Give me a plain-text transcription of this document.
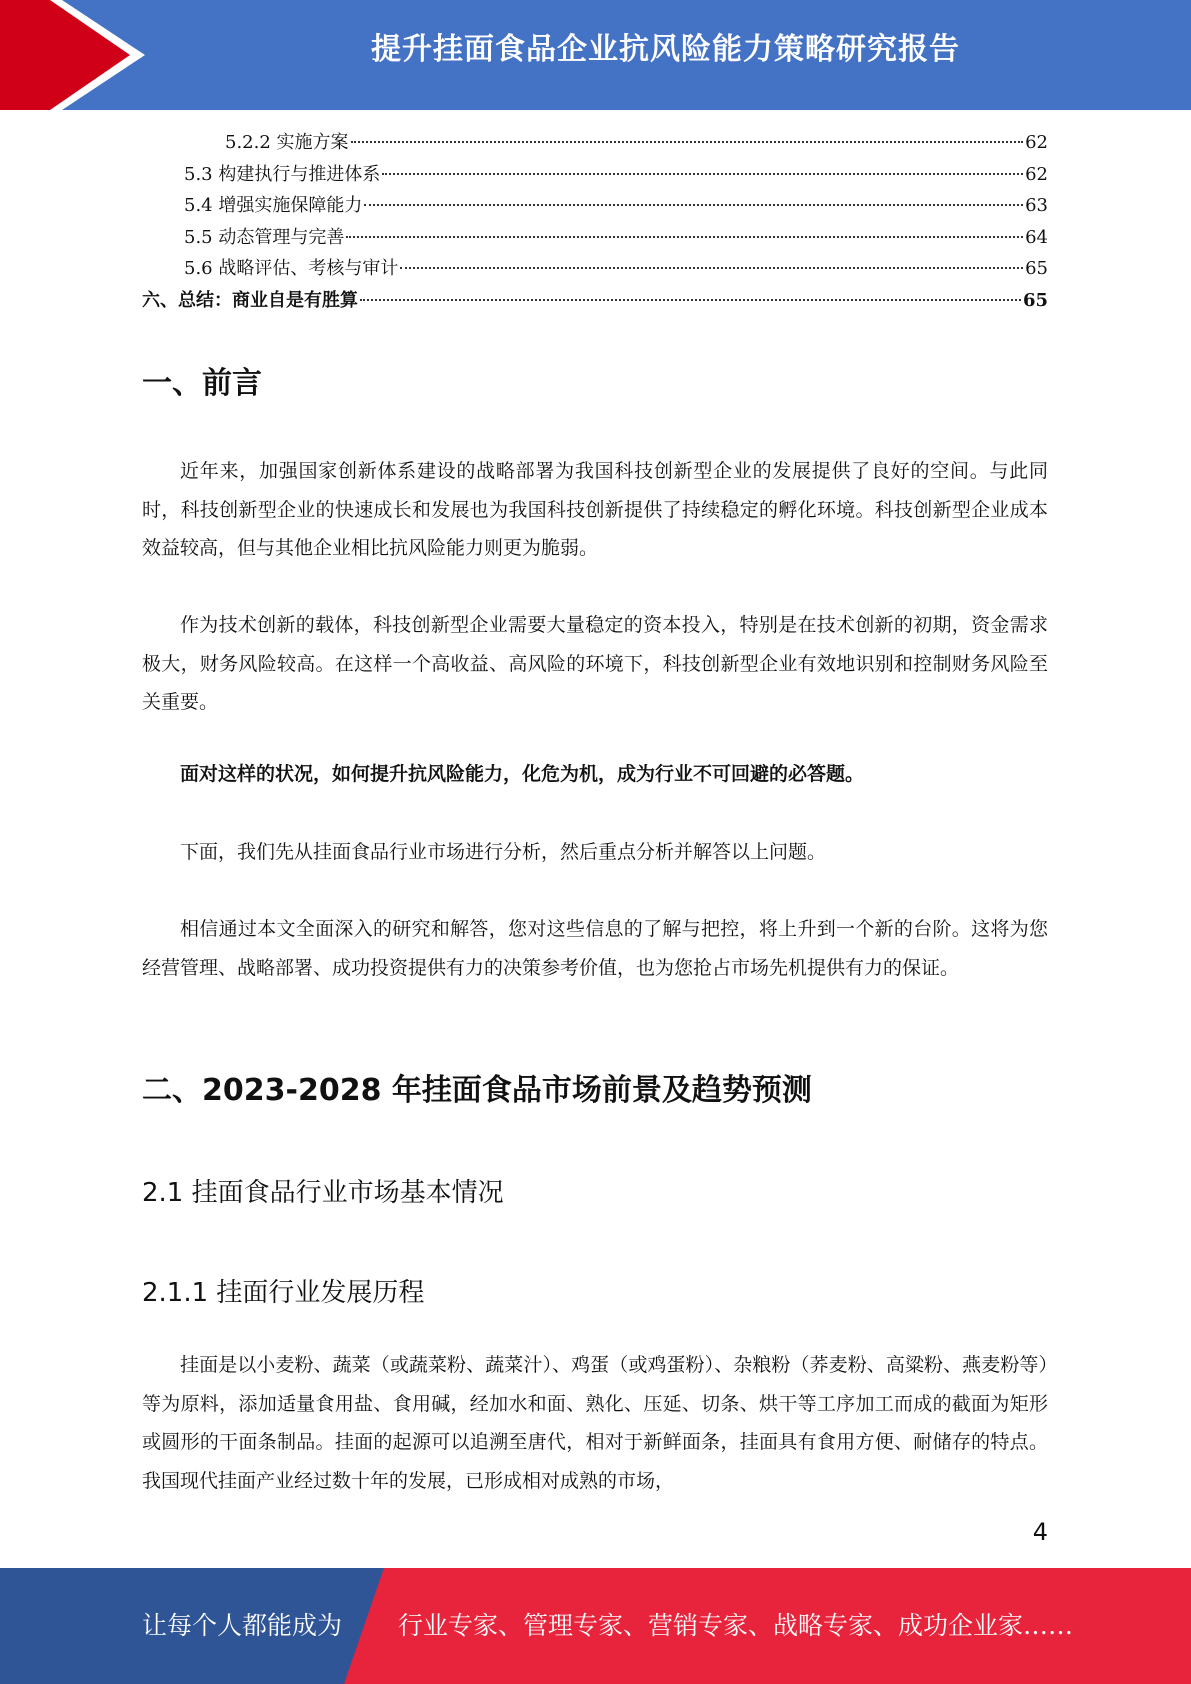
提升挂面食品企业抗风险能力策略研究报告
5.2.2 实施方案	62
5.3 构建执行与推进体系	62
5.4 增强实施保障能力	63
5.5 动态管理与完善	64
5.6 战略评估、考核与审计	65
六、总结：商业自是有胜算	65
一、前言

近年来，加强国家创新体系建设的战略部署为我国科技创新型企业的发展提供了良好的空间。与此同时，科技创新型企业的快速成长和发展也为我国科技创新提供了持续稳定的孵化环境。科技创新型企业成本效益较高，但与其他企业相比抗风险能力则更为脆弱。

作为技术创新的载体，科技创新型企业需要大量稳定的资本投入，特别是在技术创新的初期，资金需求极大，财务风险较高。在这样一个高收益、高风险的环境下，科技创新型企业有效地识别和控制财务风险至关重要。

面对这样的状况，如何提升抗风险能力，化危为机，成为行业不可回避的必答题。

下面，我们先从挂面食品行业市场进行分析，然后重点分析并解答以上问题。

相信通过本文全面深入的研究和解答，您对这些信息的了解与把控，将上升到一个新的台阶。这将为您经营管理、战略部署、成功投资提供有力的决策参考价值，也为您抢占市场先机提供有力的保证。

二、2023-2028 年挂面食品市场前景及趋势预测
2.1 挂面食品行业市场基本情况
2.1.1 挂面行业发展历程

挂面是以小麦粉、蔬菜（或蔬菜粉、蔬菜汁）、鸡蛋（或鸡蛋粉）、杂粮粉（荞麦粉、高粱粉、燕麦粉等）等为原料，添加适量食用盐、食用碱，经加水和面、熟化、压延、切条、烘干等工序加工而成的截面为矩形或圆形的干面条制品。挂面的起源可以追溯至唐代，相对于新鲜面条，挂面具有食用方便、耐储存的特点。我国现代挂面产业经过数十年的发展，已形成相对成熟的市场，

4
让每个人都能成为 行业专家、管理专家、营销专家、战略专家、成功企业家……
